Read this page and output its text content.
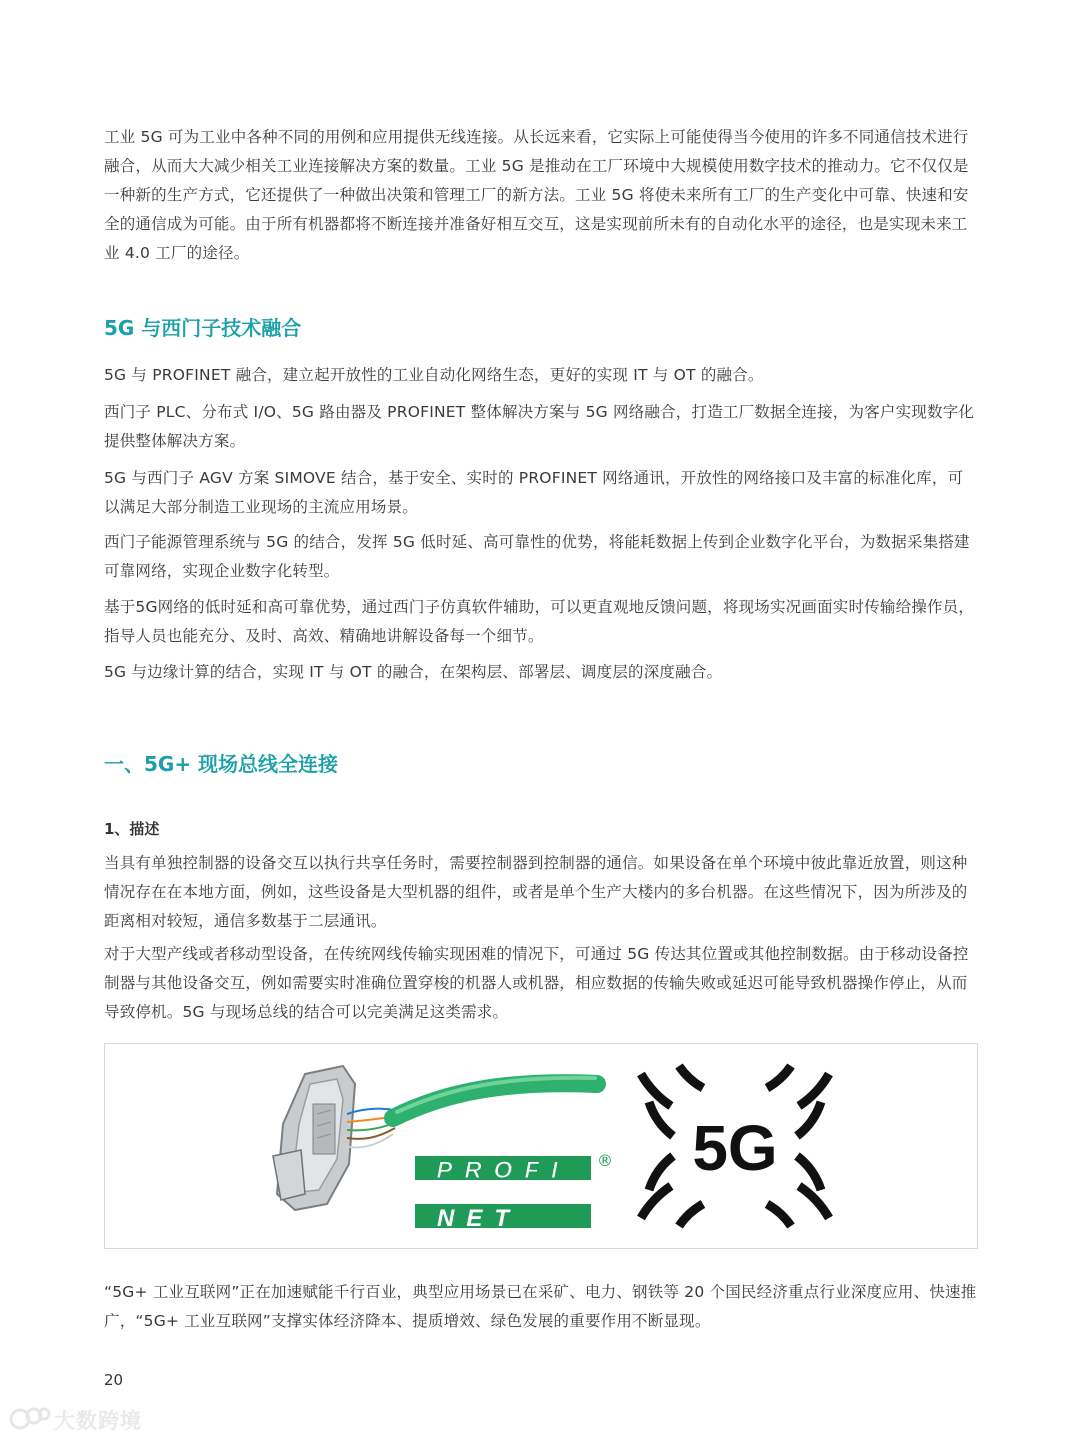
工业 5G 可为工业中各种不同的用例和应用提供无线连接。从长远来看，它实际上可能使得当今使用的许多不同通信技术进行融合，从而大大减少相关工业连接解决方案的数量。工业 5G 是推动在工厂环境中大规模使用数字技术的推动力。它不仅仅是一种新的生产方式，它还提供了一种做出决策和管理工厂的新方法。工业 5G 将使未来所有工厂的生产变化中可靠、快速和安全的通信成为可能。由于所有机器都将不断连接并准备好相互交互，这是实现前所未有的自动化水平的途径，也是实现未来工业 4.0 工厂的途径。

5G 与西门子技术融合

5G 与 PROFINET 融合，建立起开放性的工业自动化网络生态，更好的实现 IT 与 OT 的融合。

西门子 PLC、分布式 I/O、5G 路由器及 PROFINET 整体解决方案与 5G 网络融合，打造工厂数据全连接，为客户实现数字化提供整体解决方案。

5G 与西门子 AGV 方案 SIMOVE 结合，基于安全、实时的 PROFINET 网络通讯，开放性的网络接口及丰富的标准化库，可以满足大部分制造工业现场的主流应用场景。

西门子能源管理系统与 5G 的结合，发挥 5G 低时延、高可靠性的优势，将能耗数据上传到企业数字化平台，为数据采集搭建可靠网络，实现企业数字化转型。

基于5G网络的低时延和高可靠优势，通过西门子仿真软件辅助，可以更直观地反馈问题，将现场实况画面实时传输给操作员，指导人员也能充分、及时、高效、精确地讲解设备每一个细节。

5G 与边缘计算的结合，实现 IT 与 OT 的融合，在架构层、部署层、调度层的深度融合。

一、5G+ 现场总线全连接
1、描述

当具有单独控制器的设备交互以执行共享任务时，需要控制器到控制器的通信。如果设备在单个环境中彼此靠近放置，则这种情况存在在本地方面，例如，这些设备是大型机器的组件，或者是单个生产大楼内的多台机器。在这些情况下，因为所涉及的距离相对较短，通信多数基于二层通讯。

对于大型产线或者移动型设备，在传统网线传输实现困难的情况下，可通过 5G 传达其位置或其他控制数据。由于移动设备控制器与其他设备交互，例如需要实时准确位置穿梭的机器人或机器，相应数据的传输失败或延迟可能导致机器操作停止，从而导致停机。5G 与现场总线的结合可以完美满足这类需求。

PROFI
NET
® 5G

“5G+ 工业互联网”正在加速赋能千行百业，典型应用场景已在采矿、电力、钢铁等 20 个国民经济重点行业深度应用、快速推广，“5G+ 工业互联网”支撑实体经济降本、提质增效、绿色发展的重要作用不断显现。

20
大数跨境
